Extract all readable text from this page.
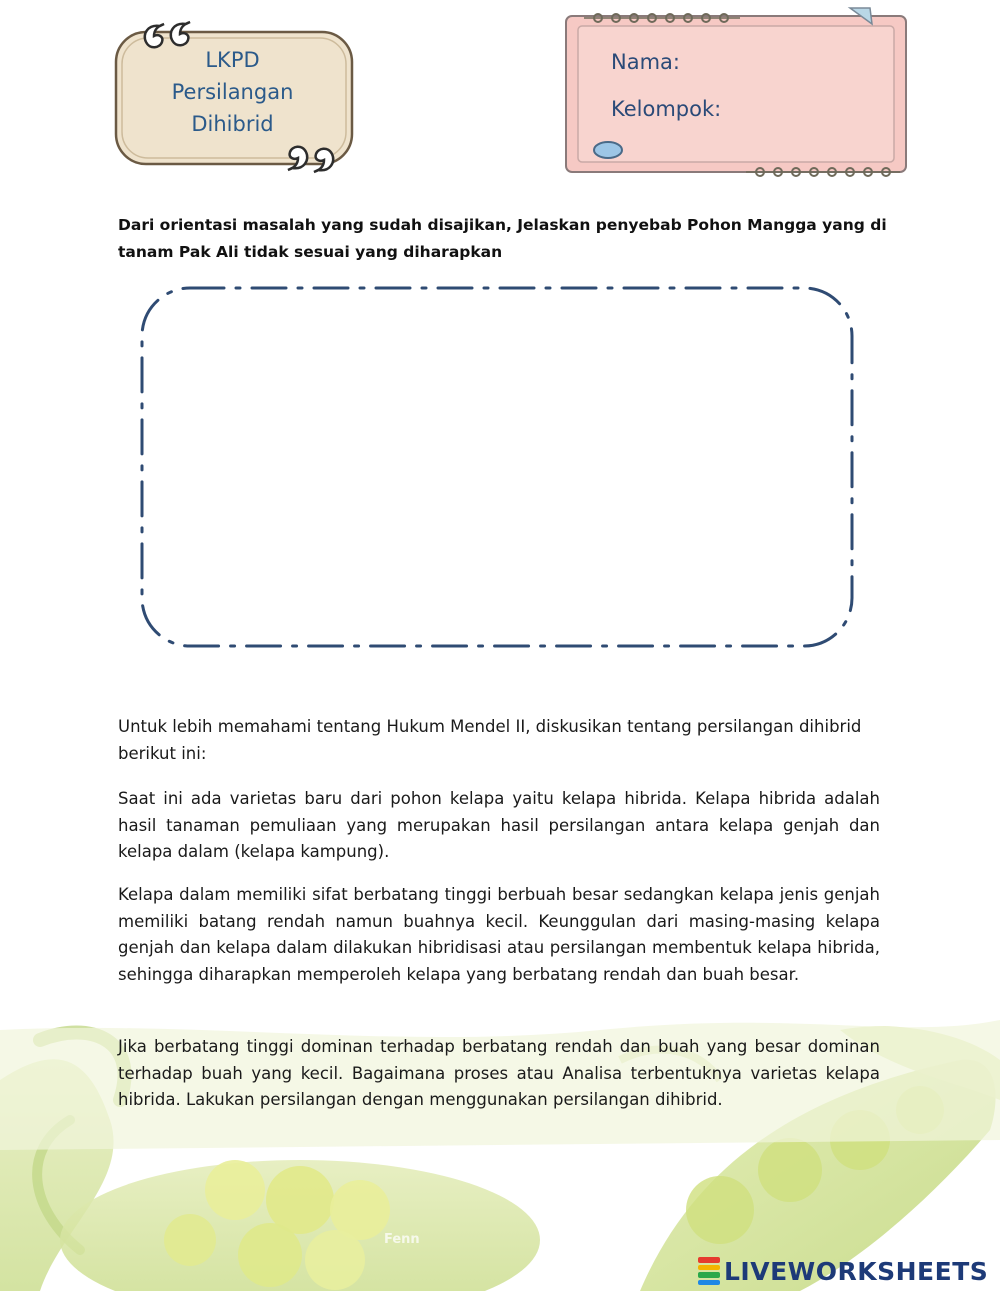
LKPD
Persilangan
Dihibrid
Nama:
Kelompok:
Dari orientasi masalah yang sudah disajikan, Jelaskan penyebab Pohon Mangga yang di tanam Pak Ali tidak sesuai yang diharapkan
Untuk lebih memahami tentang Hukum Mendel II, diskusikan tentang persilangan dihibrid berikut ini:
Saat ini ada varietas baru dari pohon kelapa yaitu kelapa hibrida. Kelapa hibrida adalah hasil tanaman pemuliaan yang merupakan hasil persilangan antara kelapa genjah dan kelapa dalam (kelapa kampung).
Kelapa dalam memiliki sifat berbatang tinggi berbuah besar sedangkan kelapa jenis genjah memiliki batang rendah namun buahnya kecil. Keunggulan dari masing-masing kelapa genjah dan kelapa dalam dilakukan hibridisasi atau persilangan membentuk kelapa hibrida, sehingga diharapkan memperoleh kelapa yang berbatang rendah dan buah besar.
Jika berbatang tinggi dominan terhadap berbatang rendah dan buah yang besar dominan terhadap buah yang kecil. Bagaimana proses atau Analisa terbentuknya varietas kelapa hibrida. Lakukan persilangan dengan menggunakan persilangan dihibrid.
Fenn
LIVEWORKSHEETS
